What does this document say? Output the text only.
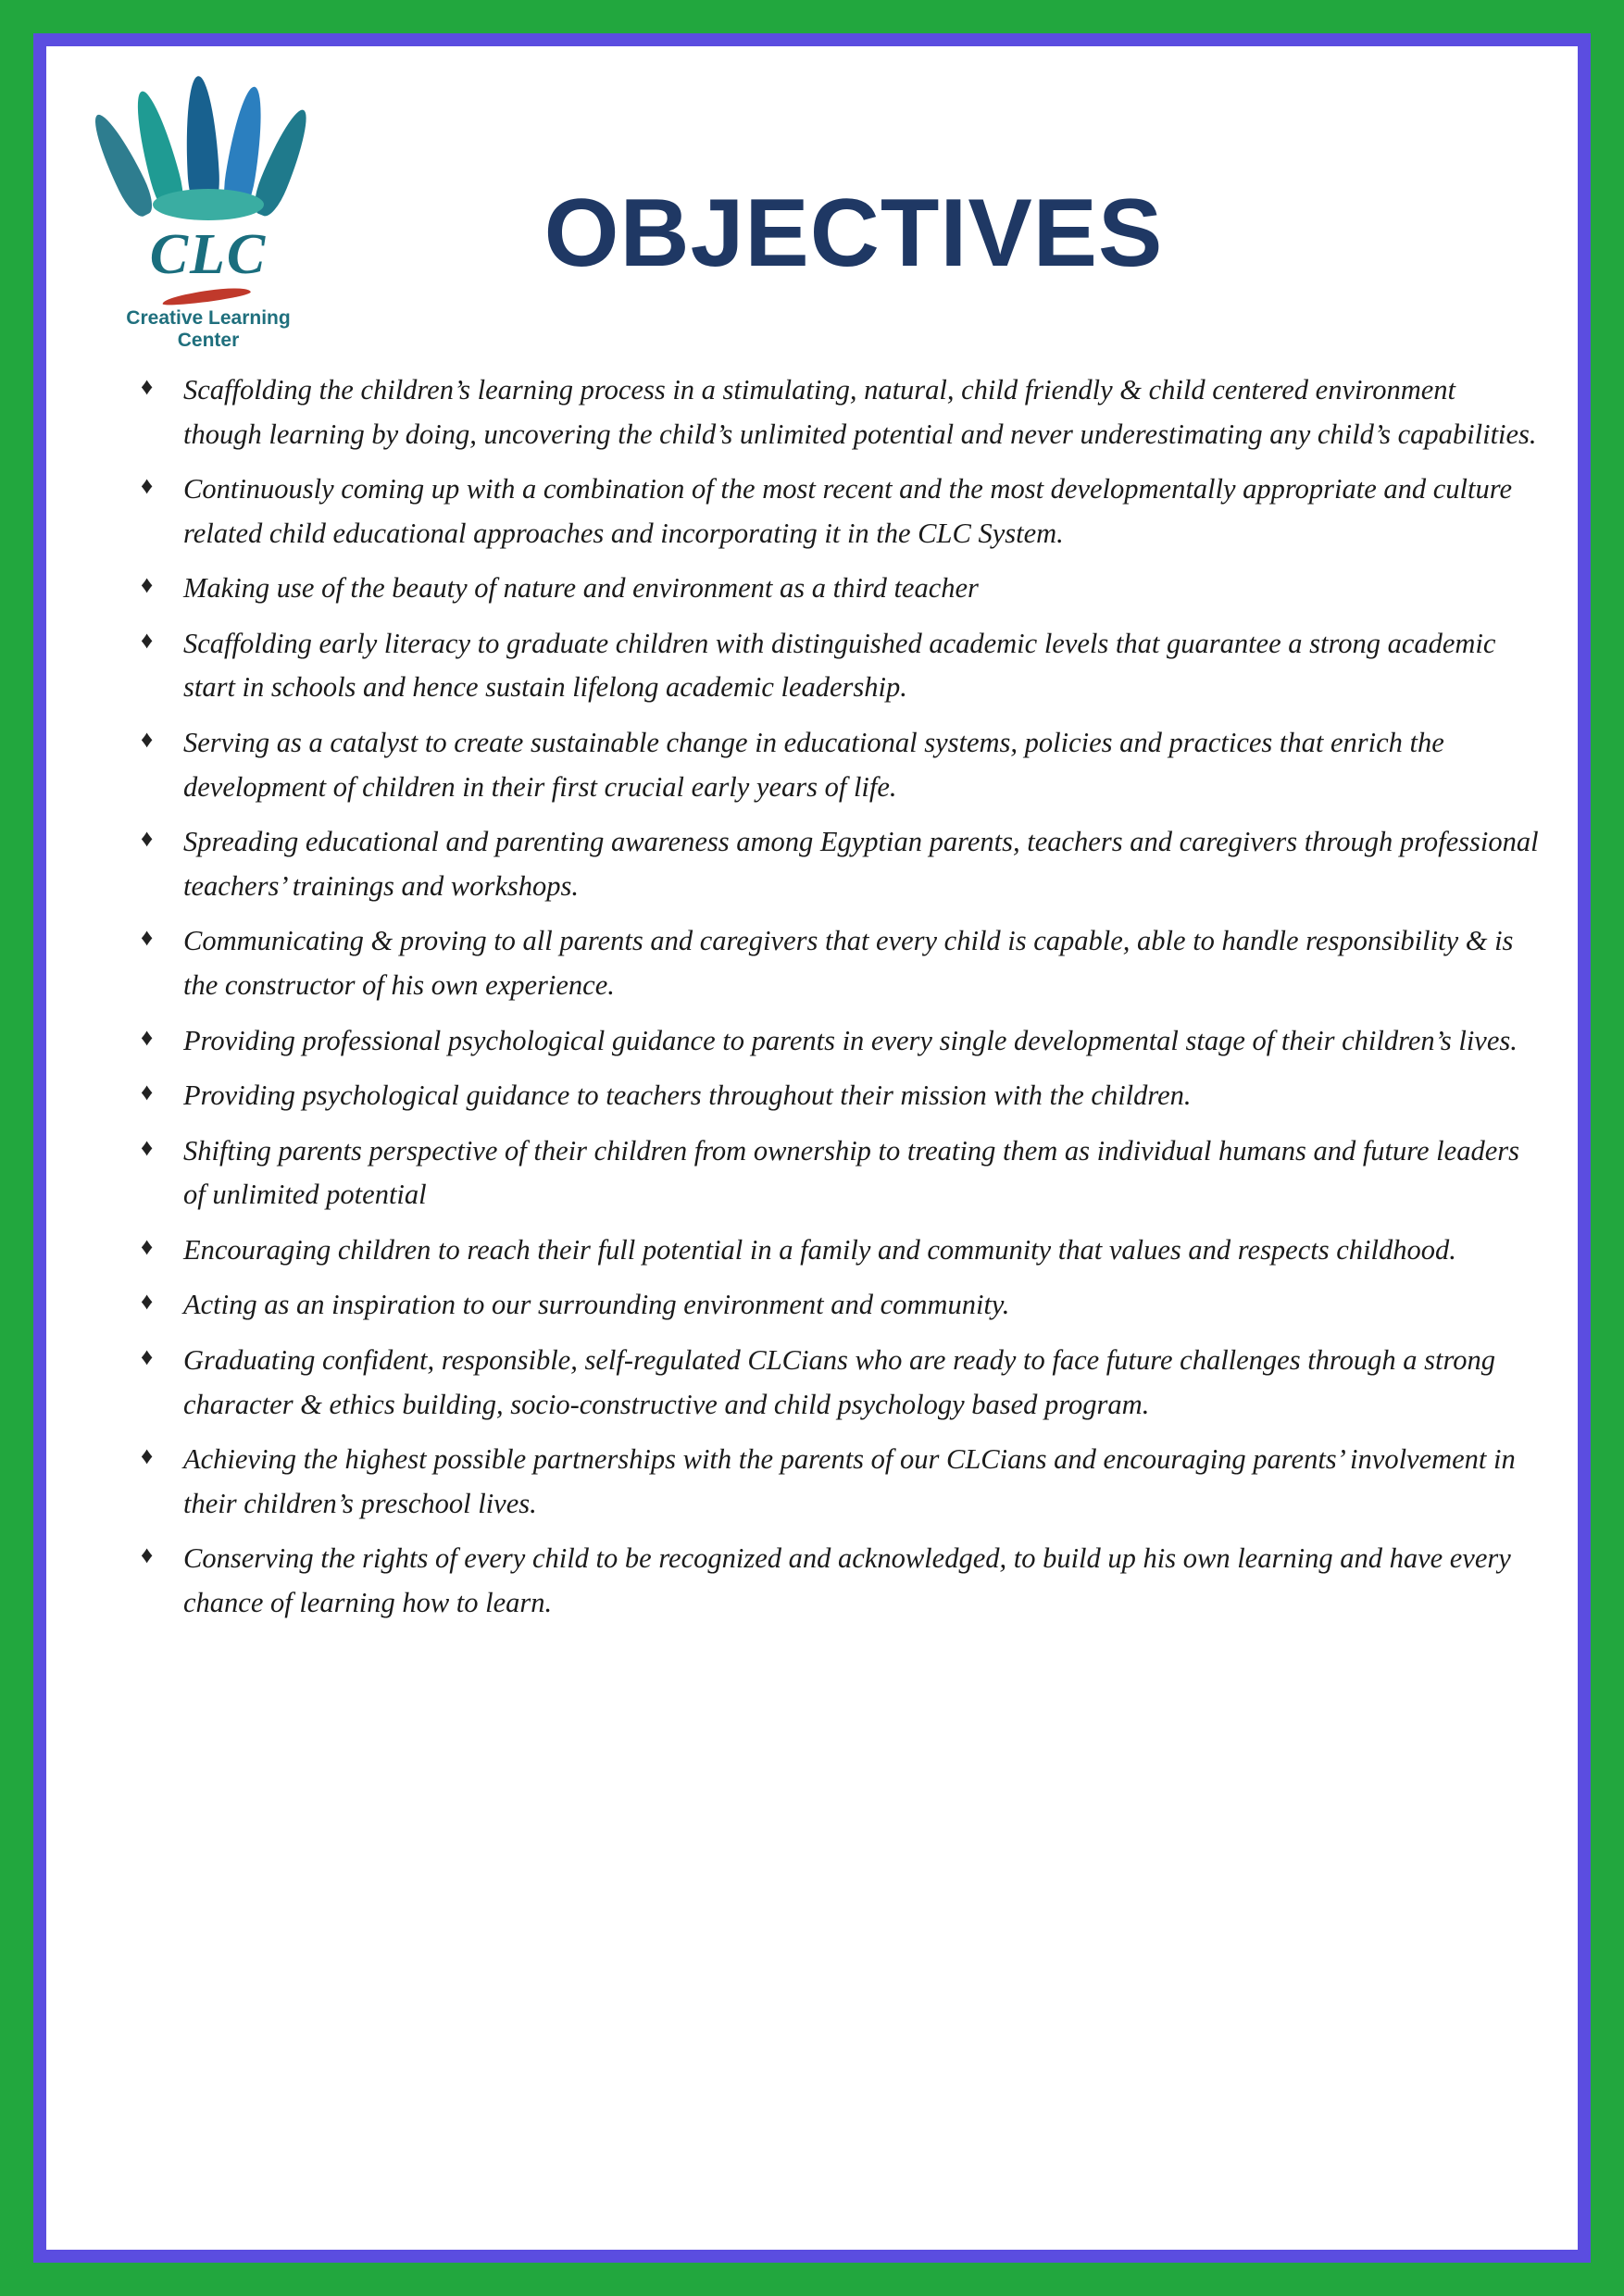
CLC
Creative Learning
Center
OBJECTIVES
♦ Scaffolding the children’s learning process in a stimulating, natural, child friendly & child centered environment though learning by doing, uncovering the child’s unlimited potential and never underestimating any child’s capabilities.
♦ Continuously coming up with a combination of the most recent and the most developmentally appropriate and culture related child educational approaches and incorporating it in the CLC System.
♦ Making use of the beauty of nature and environment as a third teacher
♦ Scaffolding early literacy to graduate children with distinguished academic levels that guarantee a strong academic start in schools and hence sustain lifelong academic leadership.
♦ Serving as a catalyst to create sustainable change in educational systems, policies and practices that enrich the development of children in their first crucial early years of life.
♦ Spreading educational and parenting awareness among Egyptian parents, teachers and caregivers through professional teachers’ trainings and workshops.
♦ Communicating & proving to all parents and caregivers that every child is capable, able to handle responsibility & is the constructor of his own experience.
♦ Providing professional psychological guidance to parents in every single developmental stage of their children’s lives.
♦ Providing psychological guidance to teachers throughout their mission with the children.
♦ Shifting parents perspective of their children from ownership to treating them as individual humans and future leaders of unlimited potential
♦ Encouraging children to reach their full potential in a family and community that values and respects childhood.
♦ Acting as an inspiration to our surrounding environment and community.
♦ Graduating confident, responsible, self-regulated CLCians who are ready to face future challenges through a strong character & ethics building, socio-constructive and child psychology based program.
♦ Achieving the highest possible partnerships with the parents of our CLCians and encouraging parents’ involvement in their children’s preschool lives.
♦ Conserving the rights of every child to be recognized and acknowledged, to build up his own learning and have every chance of learning how to learn.
